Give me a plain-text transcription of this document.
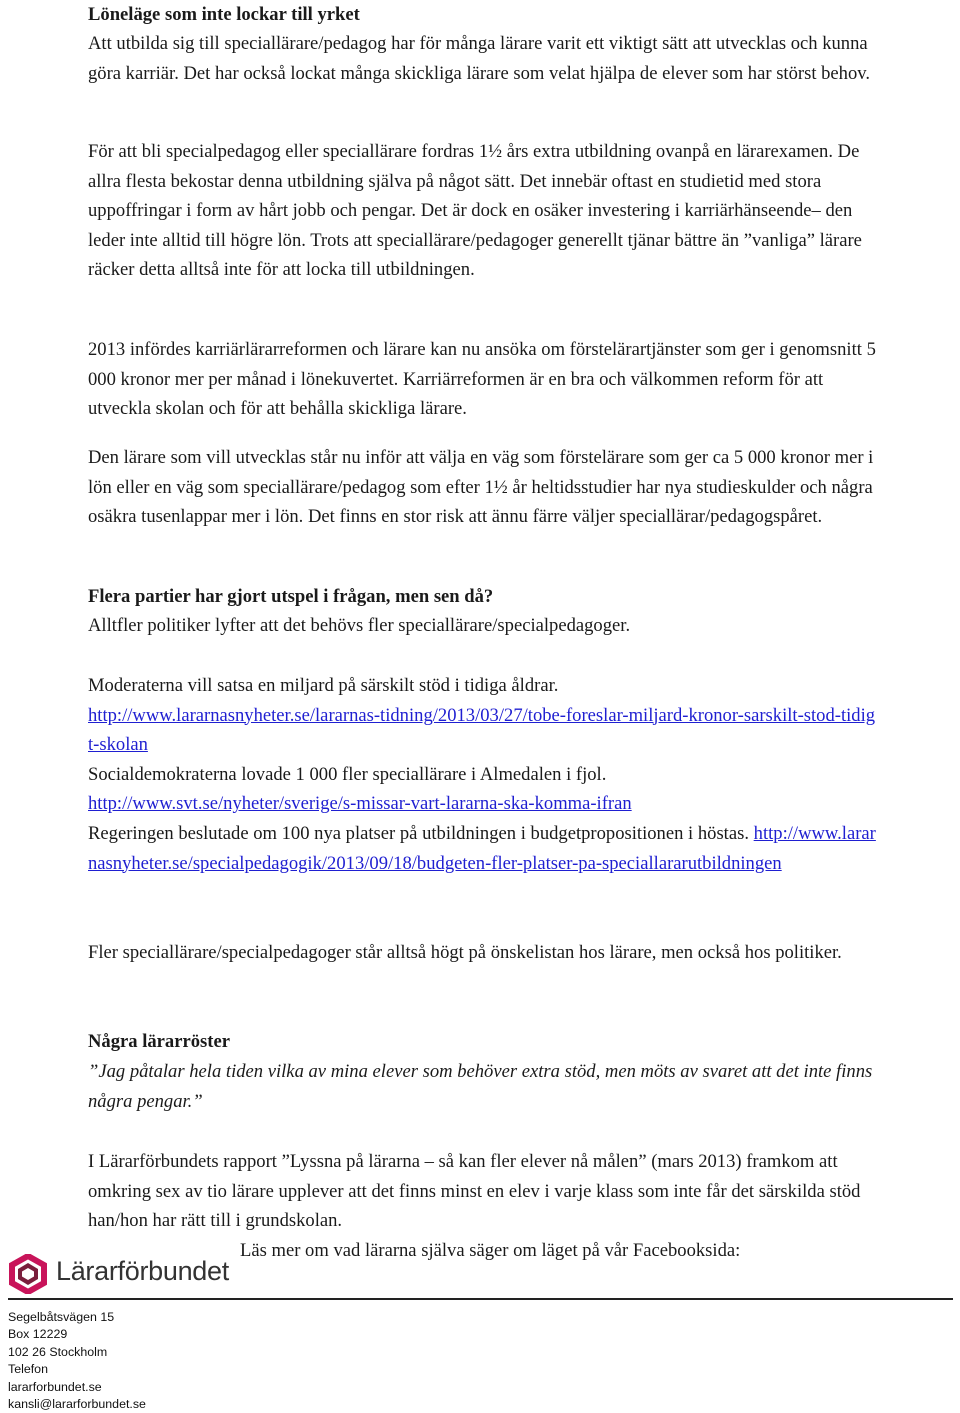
Löneläge som inte lockar till yrket

Att utbilda sig till speciallärare/pedagog har för många lärare varit ett viktigt sätt att utvecklas och kunna göra karriär. Det har också lockat många skickliga lärare som velat hjälpa de elever som har störst behov.

För att bli specialpedagog eller speciallärare fordras 1½ års extra utbildning ovanpå en lärarexamen. De allra flesta bekostar denna utbildning själva på något sätt. Det innebär oftast en studietid med stora uppoffringar i form av hårt jobb och pengar. Det är dock en osäker investering i karriärhänseende– den leder inte alltid till högre lön. Trots att speciallärare/pedagoger generellt tjänar bättre än ”vanliga” lärare räcker detta alltså inte för att locka till utbildningen.

2013 infördes karriärlärarreformen och lärare kan nu ansöka om förstelärartjänster som ger i genomsnitt 5 000 kronor mer per månad i lönekuvertet. Karriärreformen är en bra och välkommen reform för att utveckla skolan och för att behålla skickliga lärare.

Den lärare som vill utvecklas står nu inför att välja en väg som förstelärare som ger ca 5 000 kronor mer i lön eller en väg som speciallärare/pedagog som efter 1½ år heltidsstudier har nya studieskulder och några osäkra tusenlappar mer i lön. Det finns en stor risk att ännu färre väljer speciallärar/pedagogspåret.

Flera partier har gjort utspel i frågan, men sen då?

Alltfler politiker lyfter att det behövs fler speciallärare/specialpedagoger.

Moderaterna vill satsa en miljard på särskilt stöd i tidiga åldrar.
http://www.lararnasnyheter.se/lararnas-tidning/2013/03/27/tobe-foreslar-miljard-kronor-sarskilt-stod-tidigt-skolan
Socialdemokraterna lovade 1 000 fler speciallärare i Almedalen i fjol.
http://www.svt.se/nyheter/sverige/s-missar-vart-lararna-ska-komma-ifran
Regeringen beslutade om 100 nya platser på utbildningen i budgetpropositionen i höstas. http://www.lararnasnyheter.se/specialpedagogik/2013/09/18/budgeten-fler-platser-pa-speciallararutbildningen

Fler speciallärare/specialpedagoger står alltså högt på önskelistan hos lärare, men också hos politiker.

Några lärarröster

”Jag påtalar hela tiden vilka av mina elever som behöver extra stöd, men möts av svaret att det inte finns några pengar.”

I Lärarförbundets rapport ”Lyssna på lärarna – så kan fler elever nå målen” (mars 2013) framkom att omkring sex av tio lärare upplever att det finns minst en elev i varje klass som inte får det särskilda stöd han/hon har rätt till i grundskolan.

Läs mer om vad lärarna själva säger om läget på vår Facebooksida:

Lärarförbundet
Segelbåtsvägen 15
Box 12229
102 26 Stockholm
Telefon
lararforbundet.se
kansli@lararforbundet.se
